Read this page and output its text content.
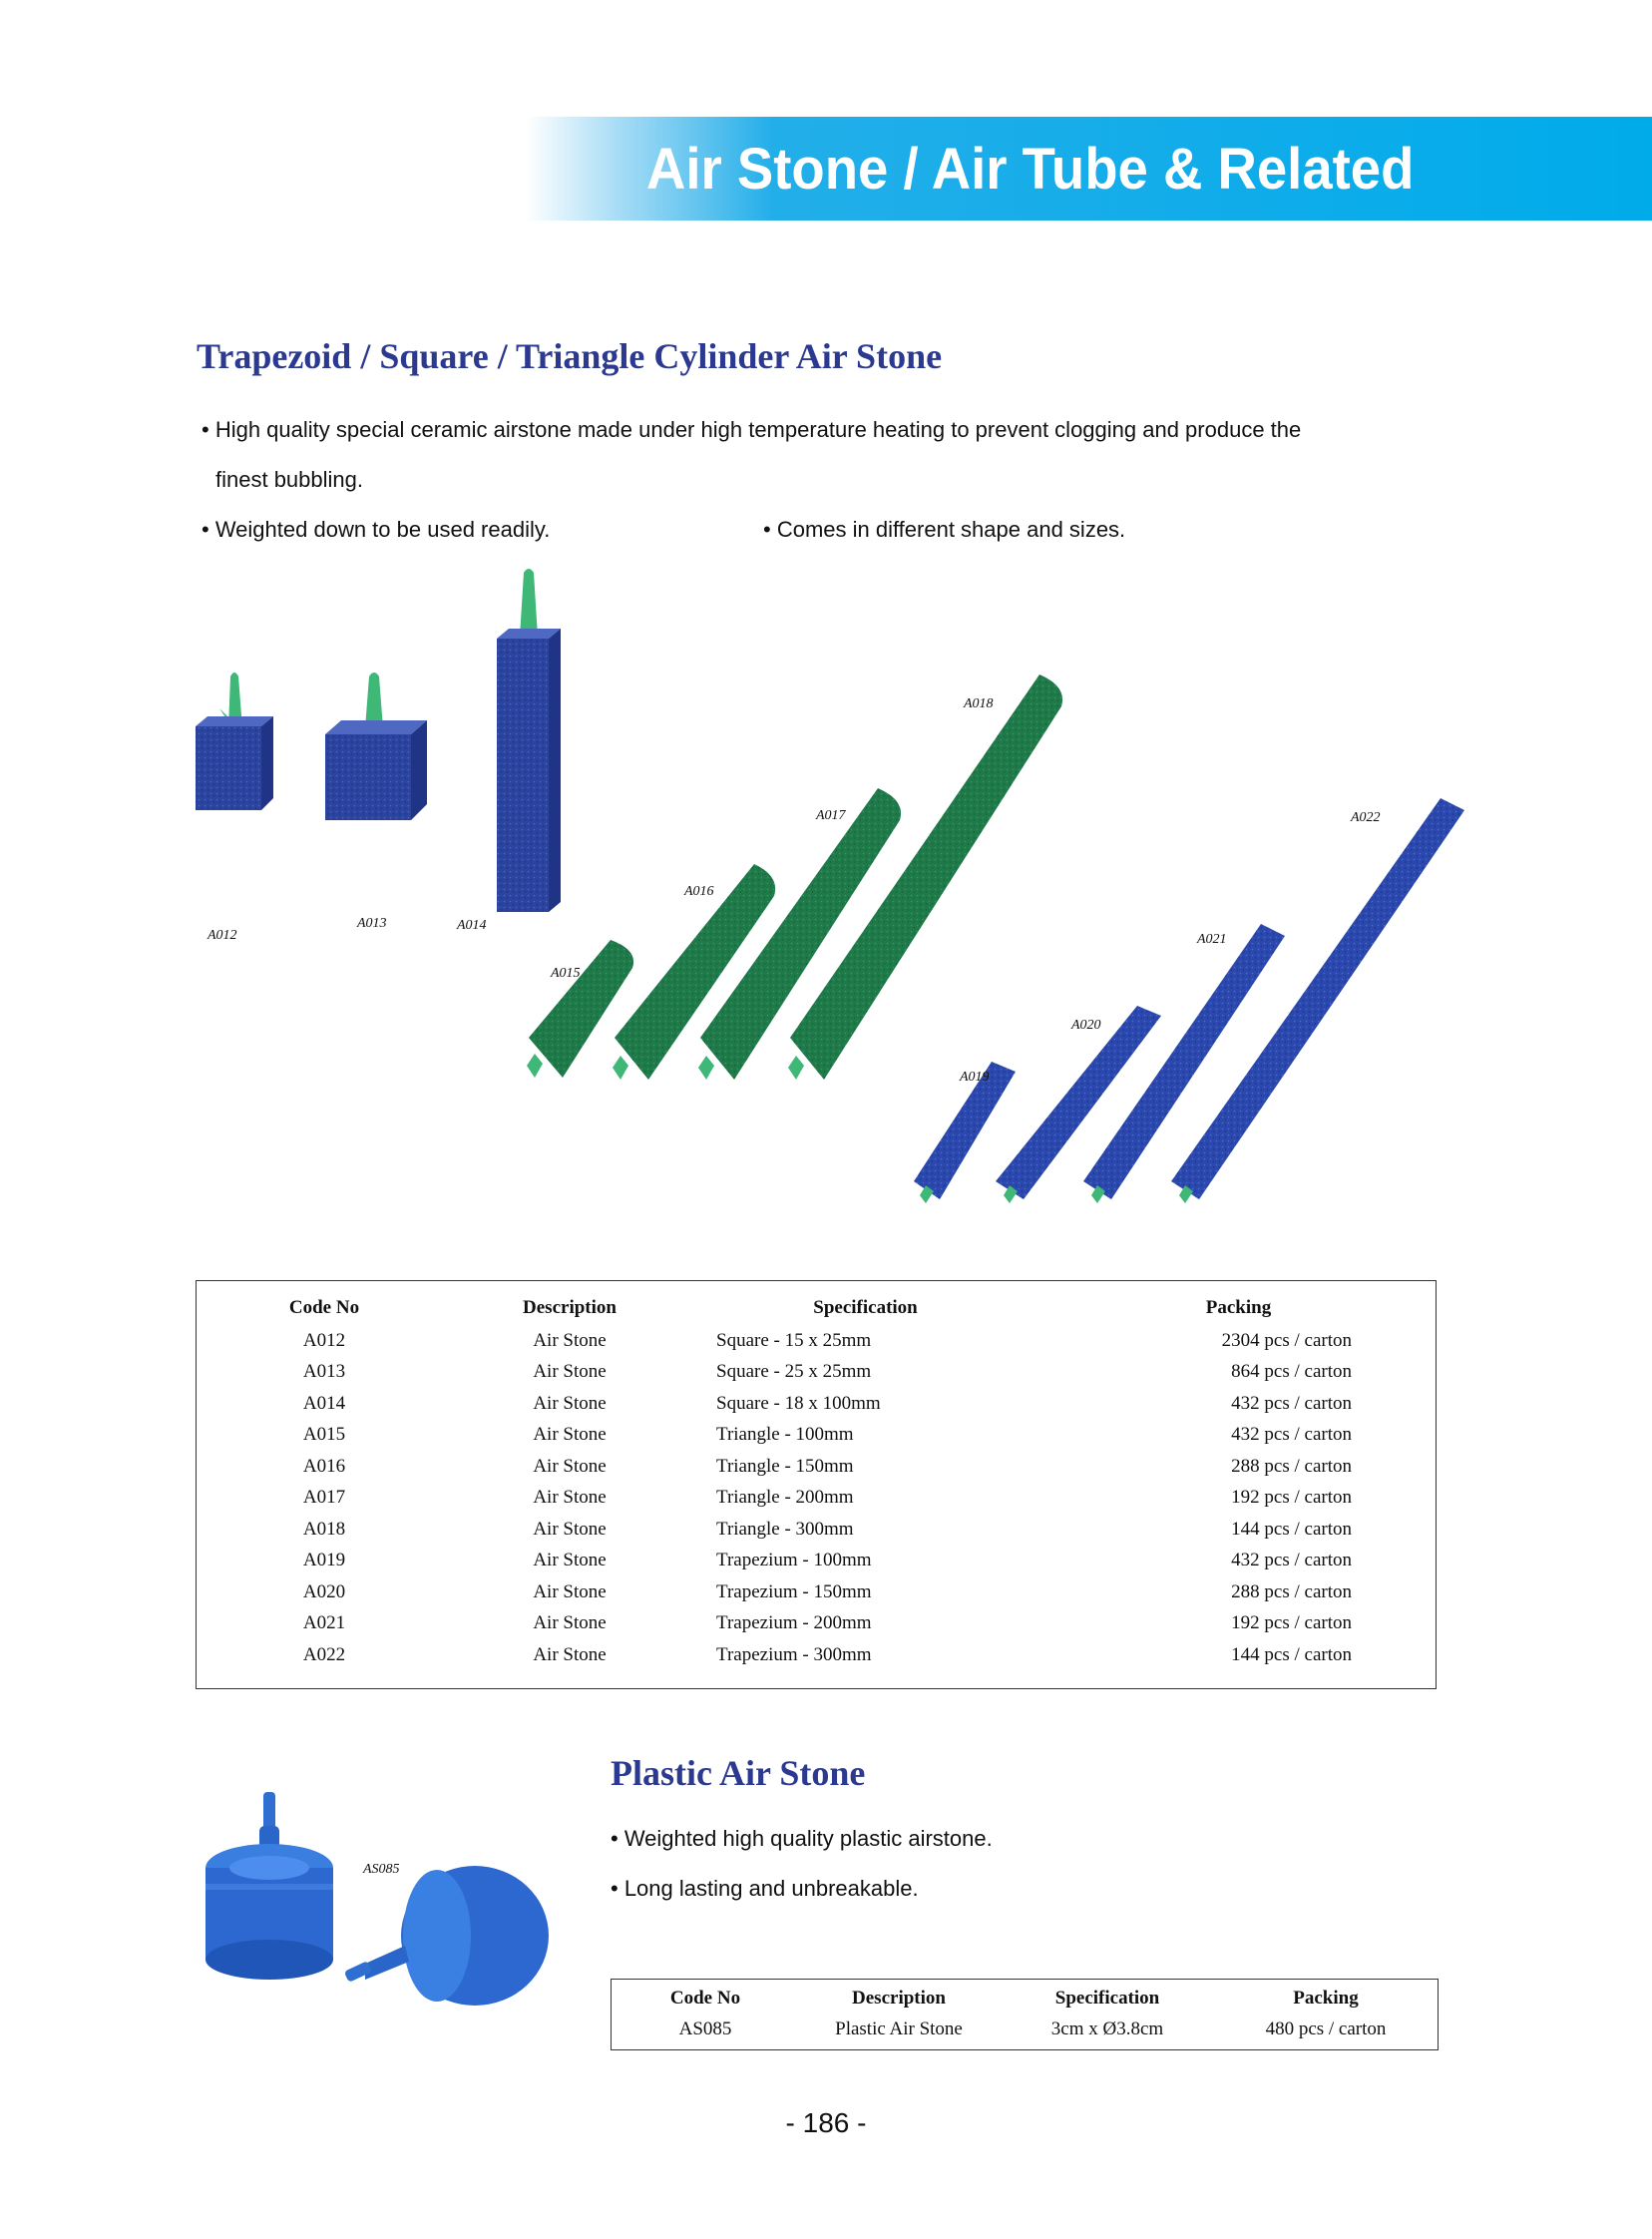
Air Stone / Air Tube & Related
Trapezoid / Square / Triangle Cylinder Air Stone
• High quality special ceramic airstone made under high temperature heating to prevent clogging and produce the
finest bubbling.
• Weighted down to be used readily.	• Comes in different shape and sizes.
A012
A013	A014
A015
A016
A017
A018
A019
A020
A021
A022
Code No	Description	Specification	Packing
A012	Air Stone	Square - 15 x 25mm	2304 pcs / carton
A013	Air Stone	Square - 25 x 25mm	864 pcs / carton
A014	Air Stone	Square - 18 x 100mm	432 pcs / carton
A015	Air Stone	Triangle - 100mm	432 pcs / carton
A016	Air Stone	Triangle - 150mm	288 pcs / carton
A017	Air Stone	Triangle - 200mm	192 pcs / carton
A018	Air Stone	Triangle - 300mm	144 pcs / carton
A019	Air Stone	Trapezium - 100mm	432 pcs / carton
A020	Air Stone	Trapezium - 150mm	288 pcs / carton
A021	Air Stone	Trapezium - 200mm	192 pcs / carton
A022	Air Stone	Trapezium - 300mm	144 pcs / carton
AS085
Plastic Air Stone
• Weighted high quality plastic airstone.
• Long lasting and unbreakable.
Code No	Description	Specification	Packing
AS085	Plastic Air Stone	3cm x Ø3.8cm	480 pcs / carton
- 186 -
